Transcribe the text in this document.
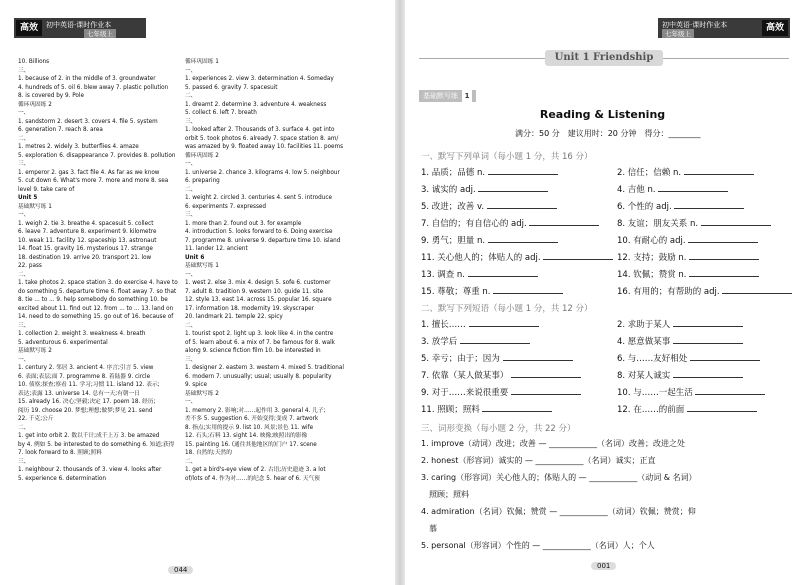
高效	初中英语·课时作业本
七年级上
10. Billions
三、
1. because of 2. in the middle of 3. groundwater
4. hundreds of 5. oil 6. blew away 7. plastic pollution
8. is covered by 9. Pole
循环巩固练 2
一、
1. sandstorm 2. desert 3. covers 4. file 5. system
6. generation 7. reach 8. area
二、
1. metres 2. widely 3. butterflies 4. amaze
5. exploration 6. disappearance 7. provides 8. pollution
三、
1. emperor 2. gas 3. fact file 4. As far as we know
5. cut down 6. What's more 7. more and more 8. sea
level 9. take care of
Unit 5
基础默写练 1
一、
1. weigh 2. tie 3. breathe 4. spacesuit 5. collect
6. leave 7. adventure 8. experiment 9. kilometre
10. weak 11. facility 12. spaceship 13. astronaut
14. float 15. gravity 16. mysterious 17. strange
18. destination 19. arrive 20. transport 21. low
22. pass
二、
1. take photos 2. space station 3. do exercise 4. have to
do something 5. departure time 6. float away 7. so that
8. tie ... to ... 9. help somebody do something 10. be
excited about 11. find out 12. from ... to ... 13. land on
14. need to do something 15. go out of 16. because of
三、
1. collection 2. weight 3. weakness 4. breath
5. adventurous 6. experimental
基础默写练 2
一、
1. century 2. 邻居 3. ancient 4. 序言;引言 5. view
6. 表面;表层;面 7. programme 8. 着陆器 9. circle
10. 侦察;探查;察看 11. 学习;习惯 11. island 12. 表示;
表达;表露 13. universe 14. 总有一天;有朝一日
15. already 16. 决心;坚毅;决定 17. poem 18. 经历;
阅历 19. choose 20. 梦想;理想;做梦;梦见 21. send
22. 千克;公斤
二、
1. get into orbit 2. 数以千计;成千上万 3. be amazed
by 4. 例如 5. be interested to do something 6. 知道;获得
7. look forward to 8. 照顾;照料
三、
1. neighbour 2. thousands of 3. view 4. looks after
5. experience 6. determination
循环巩固练 1
一、
1. experiences 2. view 3. determination 4. Someday
5. passed 6. gravity 7. spacesuit
二、
1. dreamt 2. determine 3. adventure 4. weakness
5. collect 6. left 7. breath
三、
1. looked after 2. Thousands of 3. surface 4. get into
orbit 5. took photos 6. already 7. space station 8. am/
was amazed by 9. floated away 10. facilities 11. poems
循环巩固练 2
一、
1. universe 2. chance 3. kilograms 4. low 5. neighbour
6. preparing
二、
1. weight 2. circled 3. centuries 4. sent 5. introduce
6. experiments 7. expressed
三、
1. more than 2. found out 3. for example
4. introduction 5. looks forward to 6. Doing exercise
7. programme 8. universe 9. departure time 10. island
11. lander 12. ancient
Unit 6
基础默写练 1
一、
1. west 2. else 3. mix 4. design 5. sofe 6. customer
7. adult 8. tradition 9. western 10. guide 11. site
12. style 13. east 14. across 15. popular 16. square
17. information 18. modernity 19. skyscraper
20. landmark 21. temple 22. spicy
二、
1. tourist spot 2. light up 3. look like 4. in the centre
of 5. learn about 6. a mix of 7. be famous for 8. walk
along 9. science fiction film 10. be interested in
三、
1. designer 2. eastern 3. western 4. mixed 5. traditional
6. modern 7. unusually; usual; usually 8. popularity
9. spice
基础默写练 2
一、
1. memory 2. 影响;对……起作用 3. general 4. 儿子;
差不多 5. suggestion 6. 开始变得;变成 7. artwork
8. 指点;实用的提示 9. list 10. 风景;景色 11. wife
12. 石头;石料 13. sight 14. 映像;映照出的影像
15. painting 16. (通往其他地区的)门户 17. scene
18. 自然的;天然的
二、
1. get a bird's-eye view of 2. 古语;历史遗迹 3. a lot
of/lots of 4. 作为对……的纪念 5. hear of 6. 天气预
044
初中英语·课时作业本
七年级上
高效
Unit 1 Friendship
基础默写练 1
Reading & Listening
满分：50 分　建议用时：20 分钟　得分：________
一、默写下列单词（每小题 1 分，共 16 分）
1. 品质；品德 n.	2. 信任；信赖 n.
3. 诚实的 adj.	4. 吉他 n.
5. 改进；改善 v.	6. 个性的 adj.
7. 自信的；有自信心的 adj.	8. 友谊；朋友关系 n.
9. 勇气；胆量 n.	10. 有耐心的 adj.
11. 关心他人的；体贴人的 adj.	12. 支持；鼓励 n.
13. 调查 n.	14. 钦佩；赞赏 n.
15. 尊敬；尊重 n.	16. 有用的；有帮助的 adj.
二、默写下列短语（每小题 1 分，共 12 分）
1. 擅长……	2. 求助于某人
3. 放学后	4. 愿意做某事
5. 幸亏；由于；因为	6. 与……友好相处
7. 依靠（某人做某事）	8. 对某人诚实
9. 对于……来说很重要	10. 与……一起生活
11. 照顾；照料	12. 在……的前面
三、词形变换（每小题 2 分，共 22 分）
1. improve（动词）改进；改善 — ____________（名词）改善；改进之处
2. honest（形容词）诚实的 — ____________（名词）诚实；正直
3. caring（形容词）关心他人的；体贴人的 — ____________（动词 & 名词）
照顾；照料
4. admiration（名词）钦佩；赞赏 — ____________（动词）钦佩；赞赏；仰
慕
5. personal（形容词）个性的 — ____________（名词）人；个人
001
